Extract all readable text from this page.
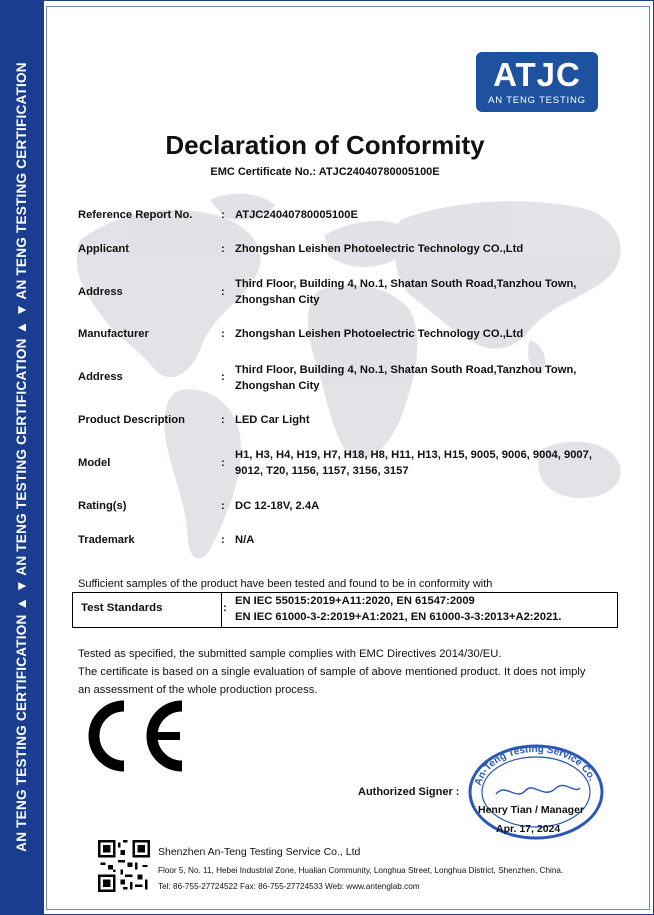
AN TENG TESTING CERTIFICATION ▲ ▼ AN TENG TESTING CERTIFICATION ▲ ▼ AN TENG TESTING CERTIFICATION	ATJC
AN TENG TESTING
Declaration of Conformity
EMC Certificate No.: ATJC24040780005100E
Reference Report No.	: ATJC24040780005100E
Applicant	: Zhongshan Leishen Photoelectric Technology CO.,Ltd
Address	:
Third Floor, Building 4, No.1, Shatan South Road,Tanzhou Town, Zhongshan City
Manufacturer	: Zhongshan Leishen Photoelectric Technology CO.,Ltd
Address	:
Third Floor, Building 4, No.1, Shatan South Road,Tanzhou Town, Zhongshan City
Product Description	: LED Car Light
Model	:
H1, H3, H4, H19, H7, H18, H8, H11, H13, H15, 9005, 9006, 9004, 9007, 9012, T20, 1156, 1157, 3156, 3157
Rating(s)	: DC 12-18V, 2.4A
Trademark	: N/A
Sufficient samples of the product have been tested and found to be in conformity with
Test Standards	:
EN IEC 55015:2019+A11:2020, EN 61547:2009
EN IEC 61000-3-2:2019+A1:2021, EN 61000-3-3:2013+A2:2021.
Tested as specified, the submitted sample complies with EMC Directives 2014/30/EU.
The certificate is based on a single evaluation of sample of above mentioned product. It does not imply
an assessment of the whole production process.
Authorized Signer :
An-Teng Testing Service Co.
Henry Tian / Manager
Apr. 17, 2024
Shenzhen An-Teng Testing Service Co., Ltd
Floor 5, No. 11, Hebei Industrial Zone, Hualian Community, Longhua Street, Longhua District, Shenzhen, China.
Tel: 86-755-27724522 Fax: 86-755-27724533 Web: www.antenglab.com
